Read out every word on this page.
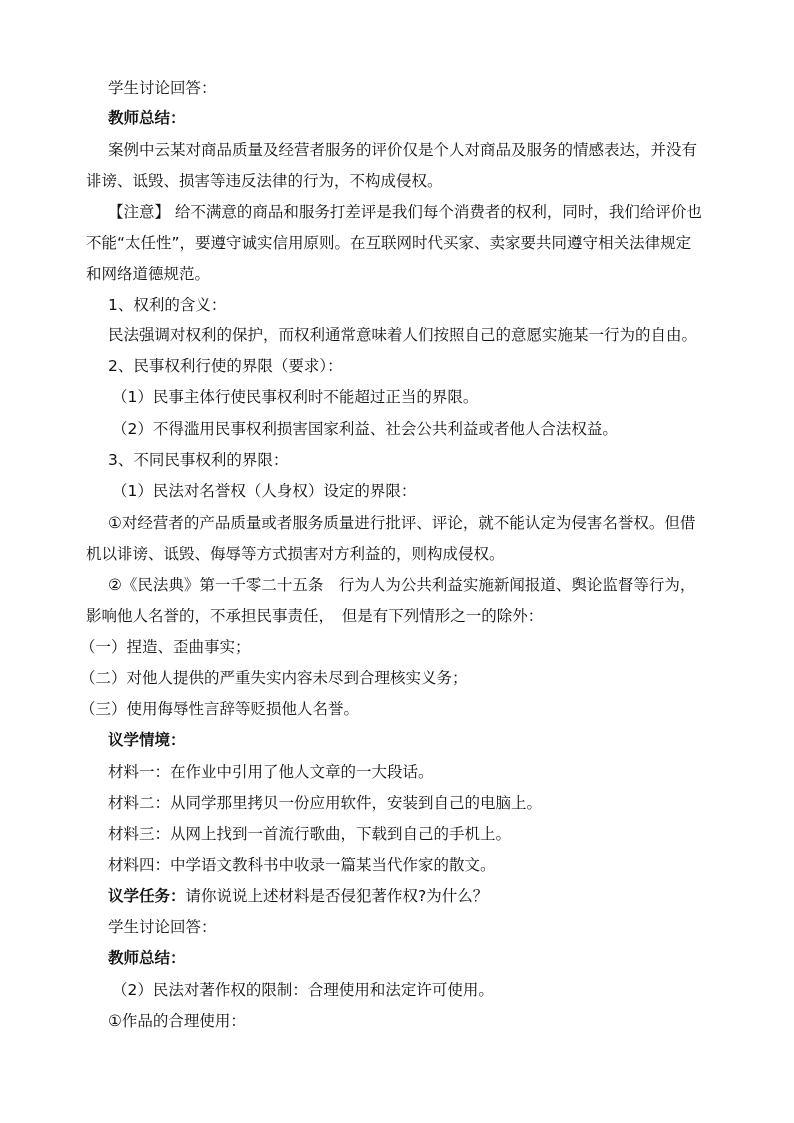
学生讨论回答：
教师总结：
案例中云某对商品质量及经营者服务的评价仅是个人对商品及服务的情感表达，并没有
诽谤、诋毁、损害等违反法律的行为，不构成侵权。
【注意】 给不满意的商品和服务打差评是我们每个消费者的权利，同时，我们给评价也
不能“太任性”，要遵守诚实信用原则。在互联网时代买家、卖家要共同遵守相关法律规定
和网络道德规范。
1、权利的含义：
民法强调对权利的保护，而权利通常意味着人们按照自己的意愿实施某一行为的自由。
2、民事权利行使的界限（要求）：
（1）民事主体行使民事权利时不能超过正当的界限。
（2）不得滥用民事权利损害国家利益、社会公共利益或者他人合法权益。
3、不同民事权利的界限：
（1）民法对名誉权（人身权）设定的界限：
①对经营者的产品质量或者服务质量进行批评、评论，就不能认定为侵害名誉权。但借
机以诽谤、诋毁、侮辱等方式损害对方利益的，则构成侵权。
②《民法典》第一千零二十五条　行为人为公共利益实施新闻报道、舆论监督等行为，
影响他人名誉的，不承担民事责任，　但是有下列情形之一的除外：
（一）捏造、歪曲事实；
（二）对他人提供的严重失实内容未尽到合理核实义务；
（三）使用侮辱性言辞等贬损他人名誉。
议学情境：
材料一：在作业中引用了他人文章的一大段话。
材料二：从同学那里拷贝一份应用软件，安装到自己的电脑上。
材料三：从网上找到一首流行歌曲，下载到自己的手机上。
材料四：中学语文教科书中收录一篇某当代作家的散文。
议学任务：请你说说上述材料是否侵犯著作权?为什么？
学生讨论回答：
教师总结：
（2）民法对著作权的限制：合理使用和法定许可使用。
①作品的合理使用：
